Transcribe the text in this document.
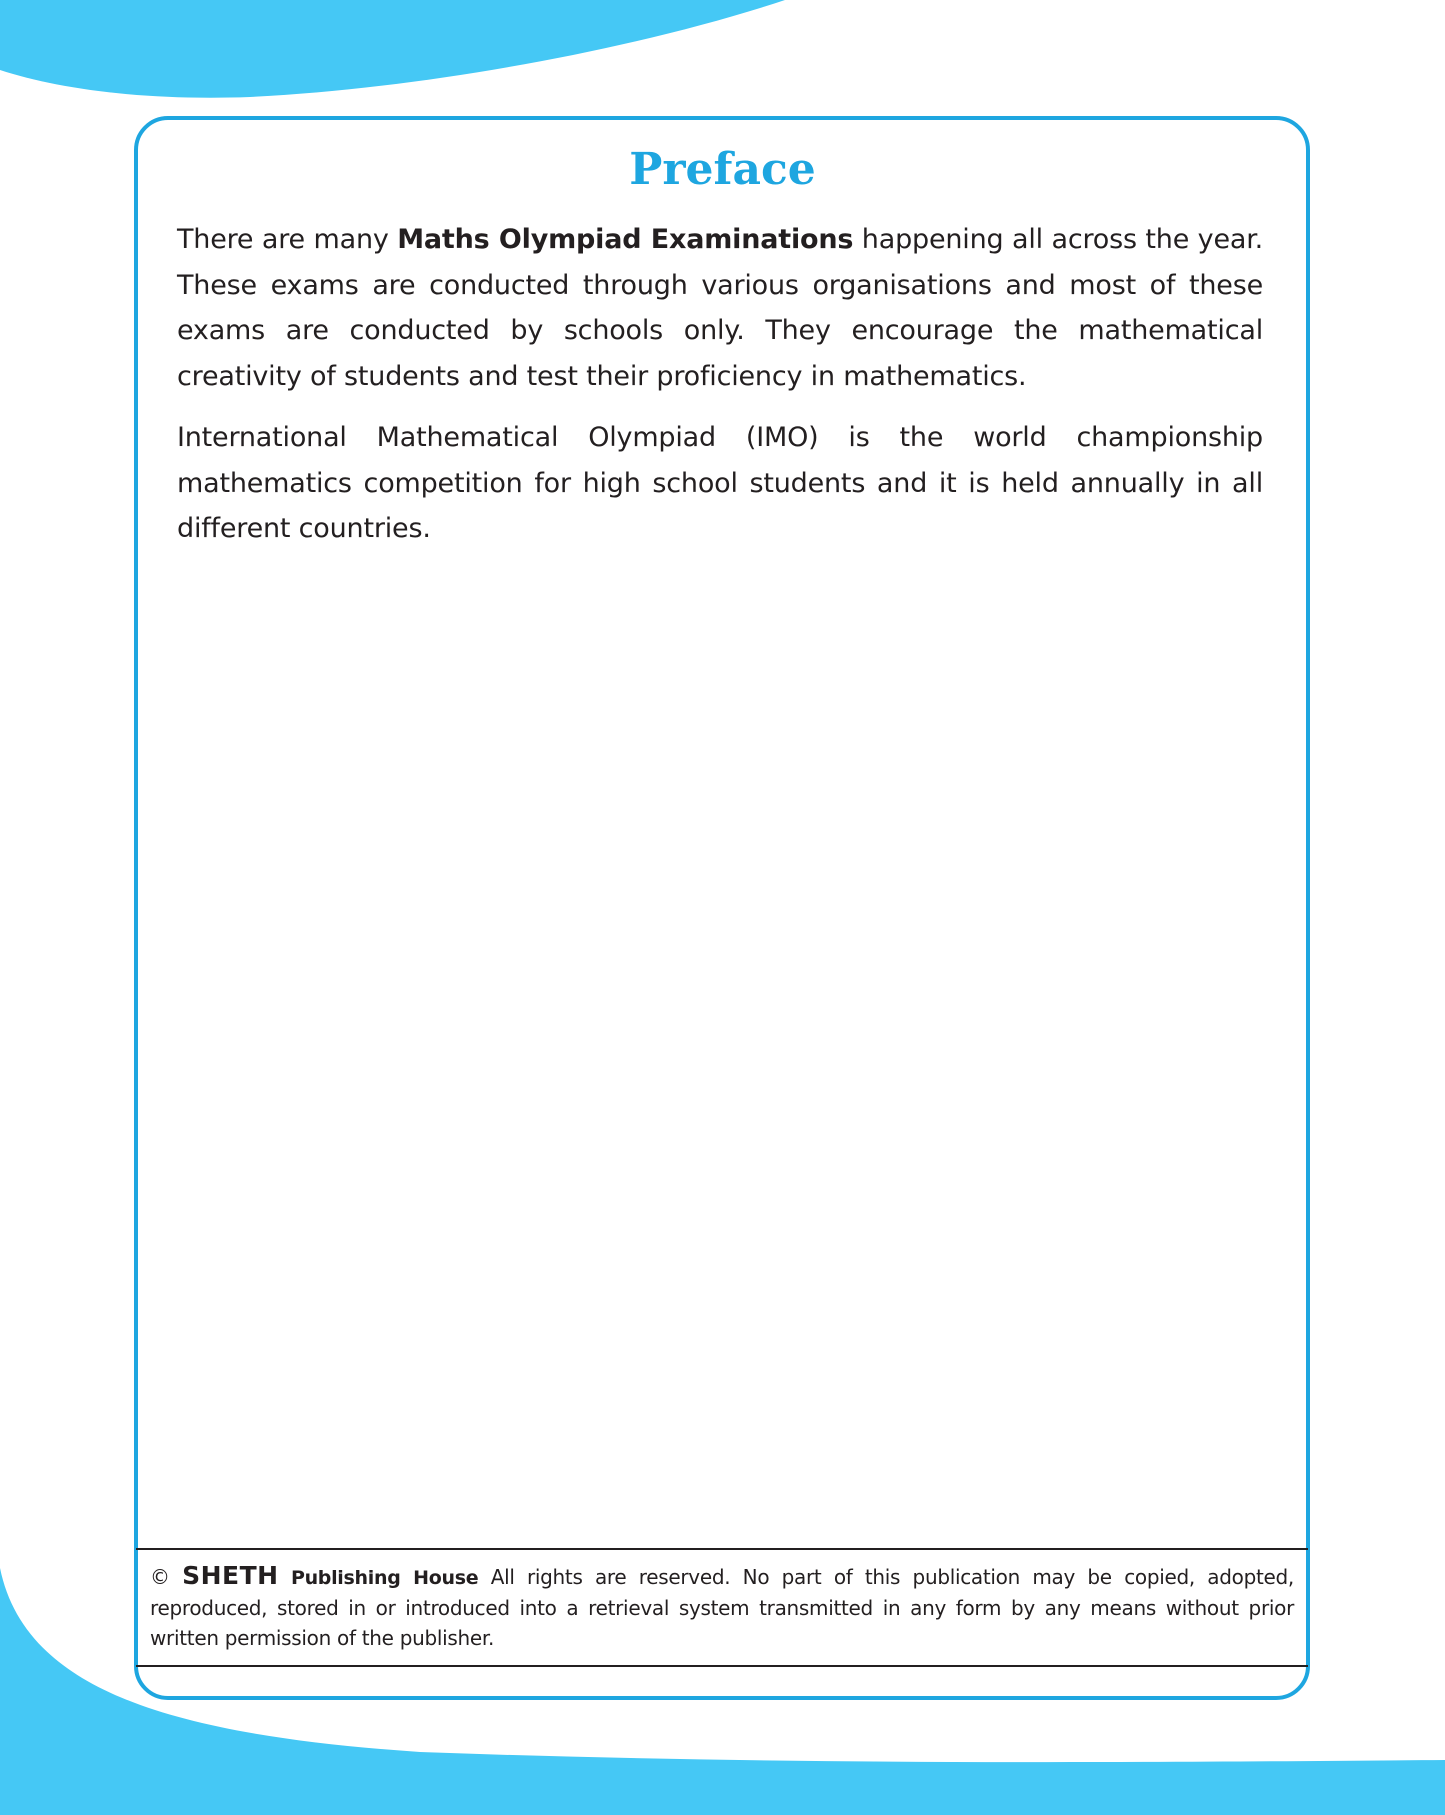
Preface

There are many Maths Olympiad Examinations happening all across the year. These exams are conducted through various organisations and most of these exams are conducted by schools only. They encourage the mathematical creativity of students and test their proficiency in mathematics.

International Mathematical Olympiad (IMO) is the world championship mathematics competition for high school students and it is held annually in all different countries.

© SHETH Publishing House All rights are reserved. No part of this publication may be copied, adopted, reproduced, stored in or introduced into a retrieval system transmitted in any form by any means without prior written permission of the publisher.
